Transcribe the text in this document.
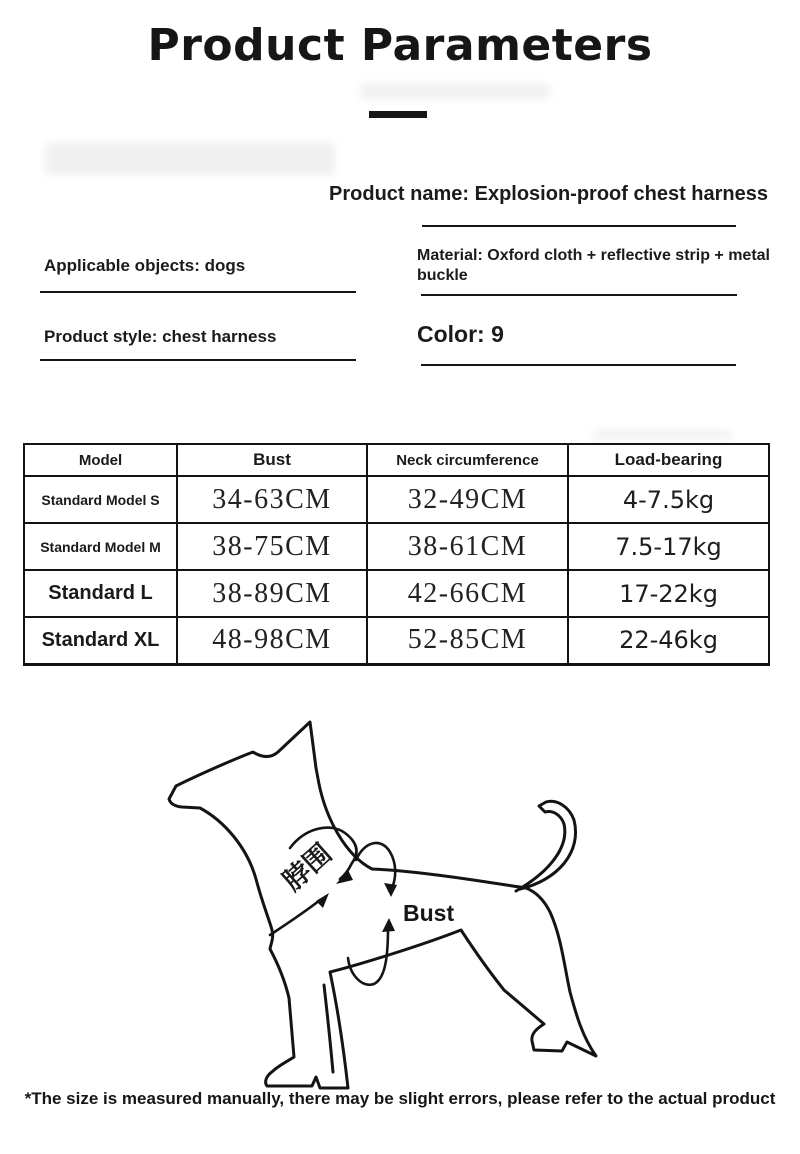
Product Parameters
Product name: Explosion-proof chest harness
Applicable objects: dogs
Material: Oxford cloth + reflective strip + metal buckle
Product style: chest harness	Color: 9
Model	Bust	Neck circumference	Load-bearing
Standard Model S	34-63CM	32-49CM	4-7.5kg
Standard Model M	38-75CM	38-61CM	7.5-17kg
Standard L	38-89CM	42-66CM	17-22kg
Standard XL	48-98CM	52-85CM	22-46kg
脖围
Bust
*The size is measured manually, there may be slight errors, please refer to the actual product
